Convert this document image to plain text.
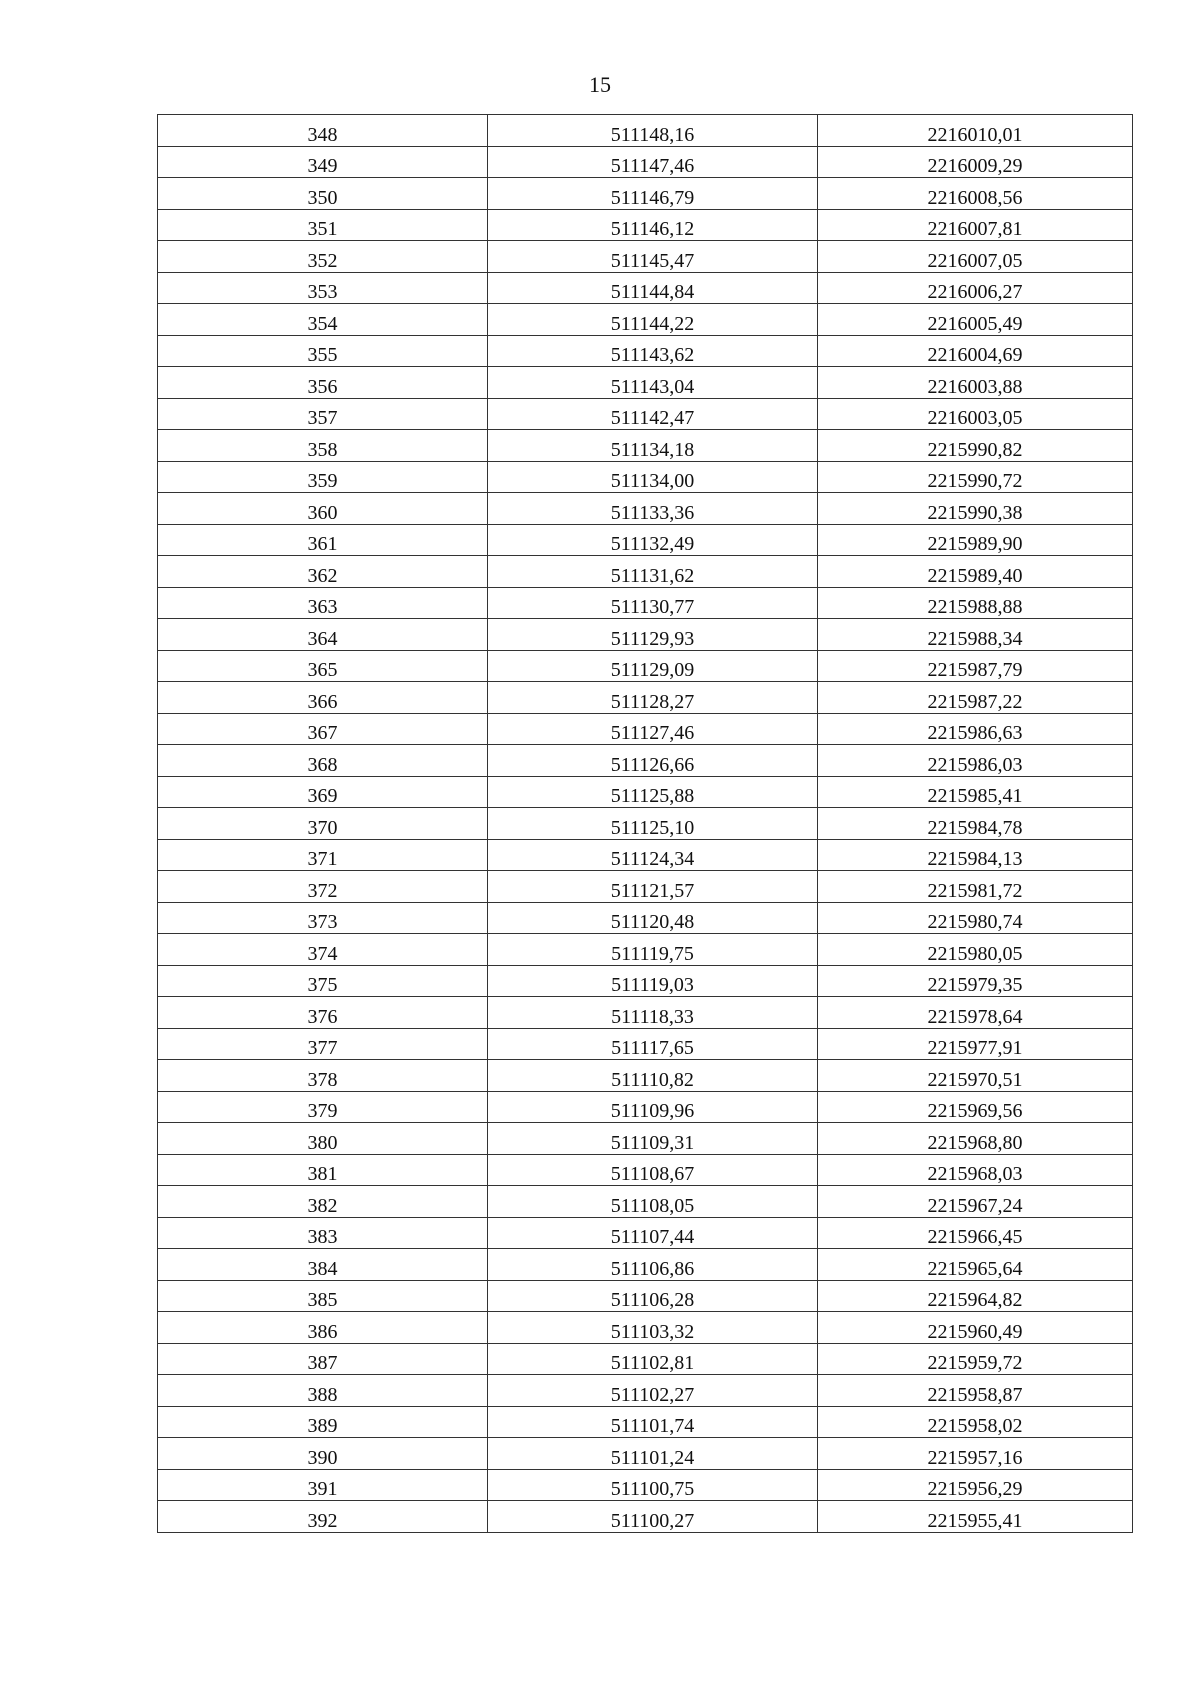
15
348	511148,16	2216010,01
349	511147,46	2216009,29
350	511146,79	2216008,56
351	511146,12	2216007,81
352	511145,47	2216007,05
353	511144,84	2216006,27
354	511144,22	2216005,49
355	511143,62	2216004,69
356	511143,04	2216003,88
357	511142,47	2216003,05
358	511134,18	2215990,82
359	511134,00	2215990,72
360	511133,36	2215990,38
361	511132,49	2215989,90
362	511131,62	2215989,40
363	511130,77	2215988,88
364	511129,93	2215988,34
365	511129,09	2215987,79
366	511128,27	2215987,22
367	511127,46	2215986,63
368	511126,66	2215986,03
369	511125,88	2215985,41
370	511125,10	2215984,78
371	511124,34	2215984,13
372	511121,57	2215981,72
373	511120,48	2215980,74
374	511119,75	2215980,05
375	511119,03	2215979,35
376	511118,33	2215978,64
377	511117,65	2215977,91
378	511110,82	2215970,51
379	511109,96	2215969,56
380	511109,31	2215968,80
381	511108,67	2215968,03
382	511108,05	2215967,24
383	511107,44	2215966,45
384	511106,86	2215965,64
385	511106,28	2215964,82
386	511103,32	2215960,49
387	511102,81	2215959,72
388	511102,27	2215958,87
389	511101,74	2215958,02
390	511101,24	2215957,16
391	511100,75	2215956,29
392	511100,27	2215955,41
